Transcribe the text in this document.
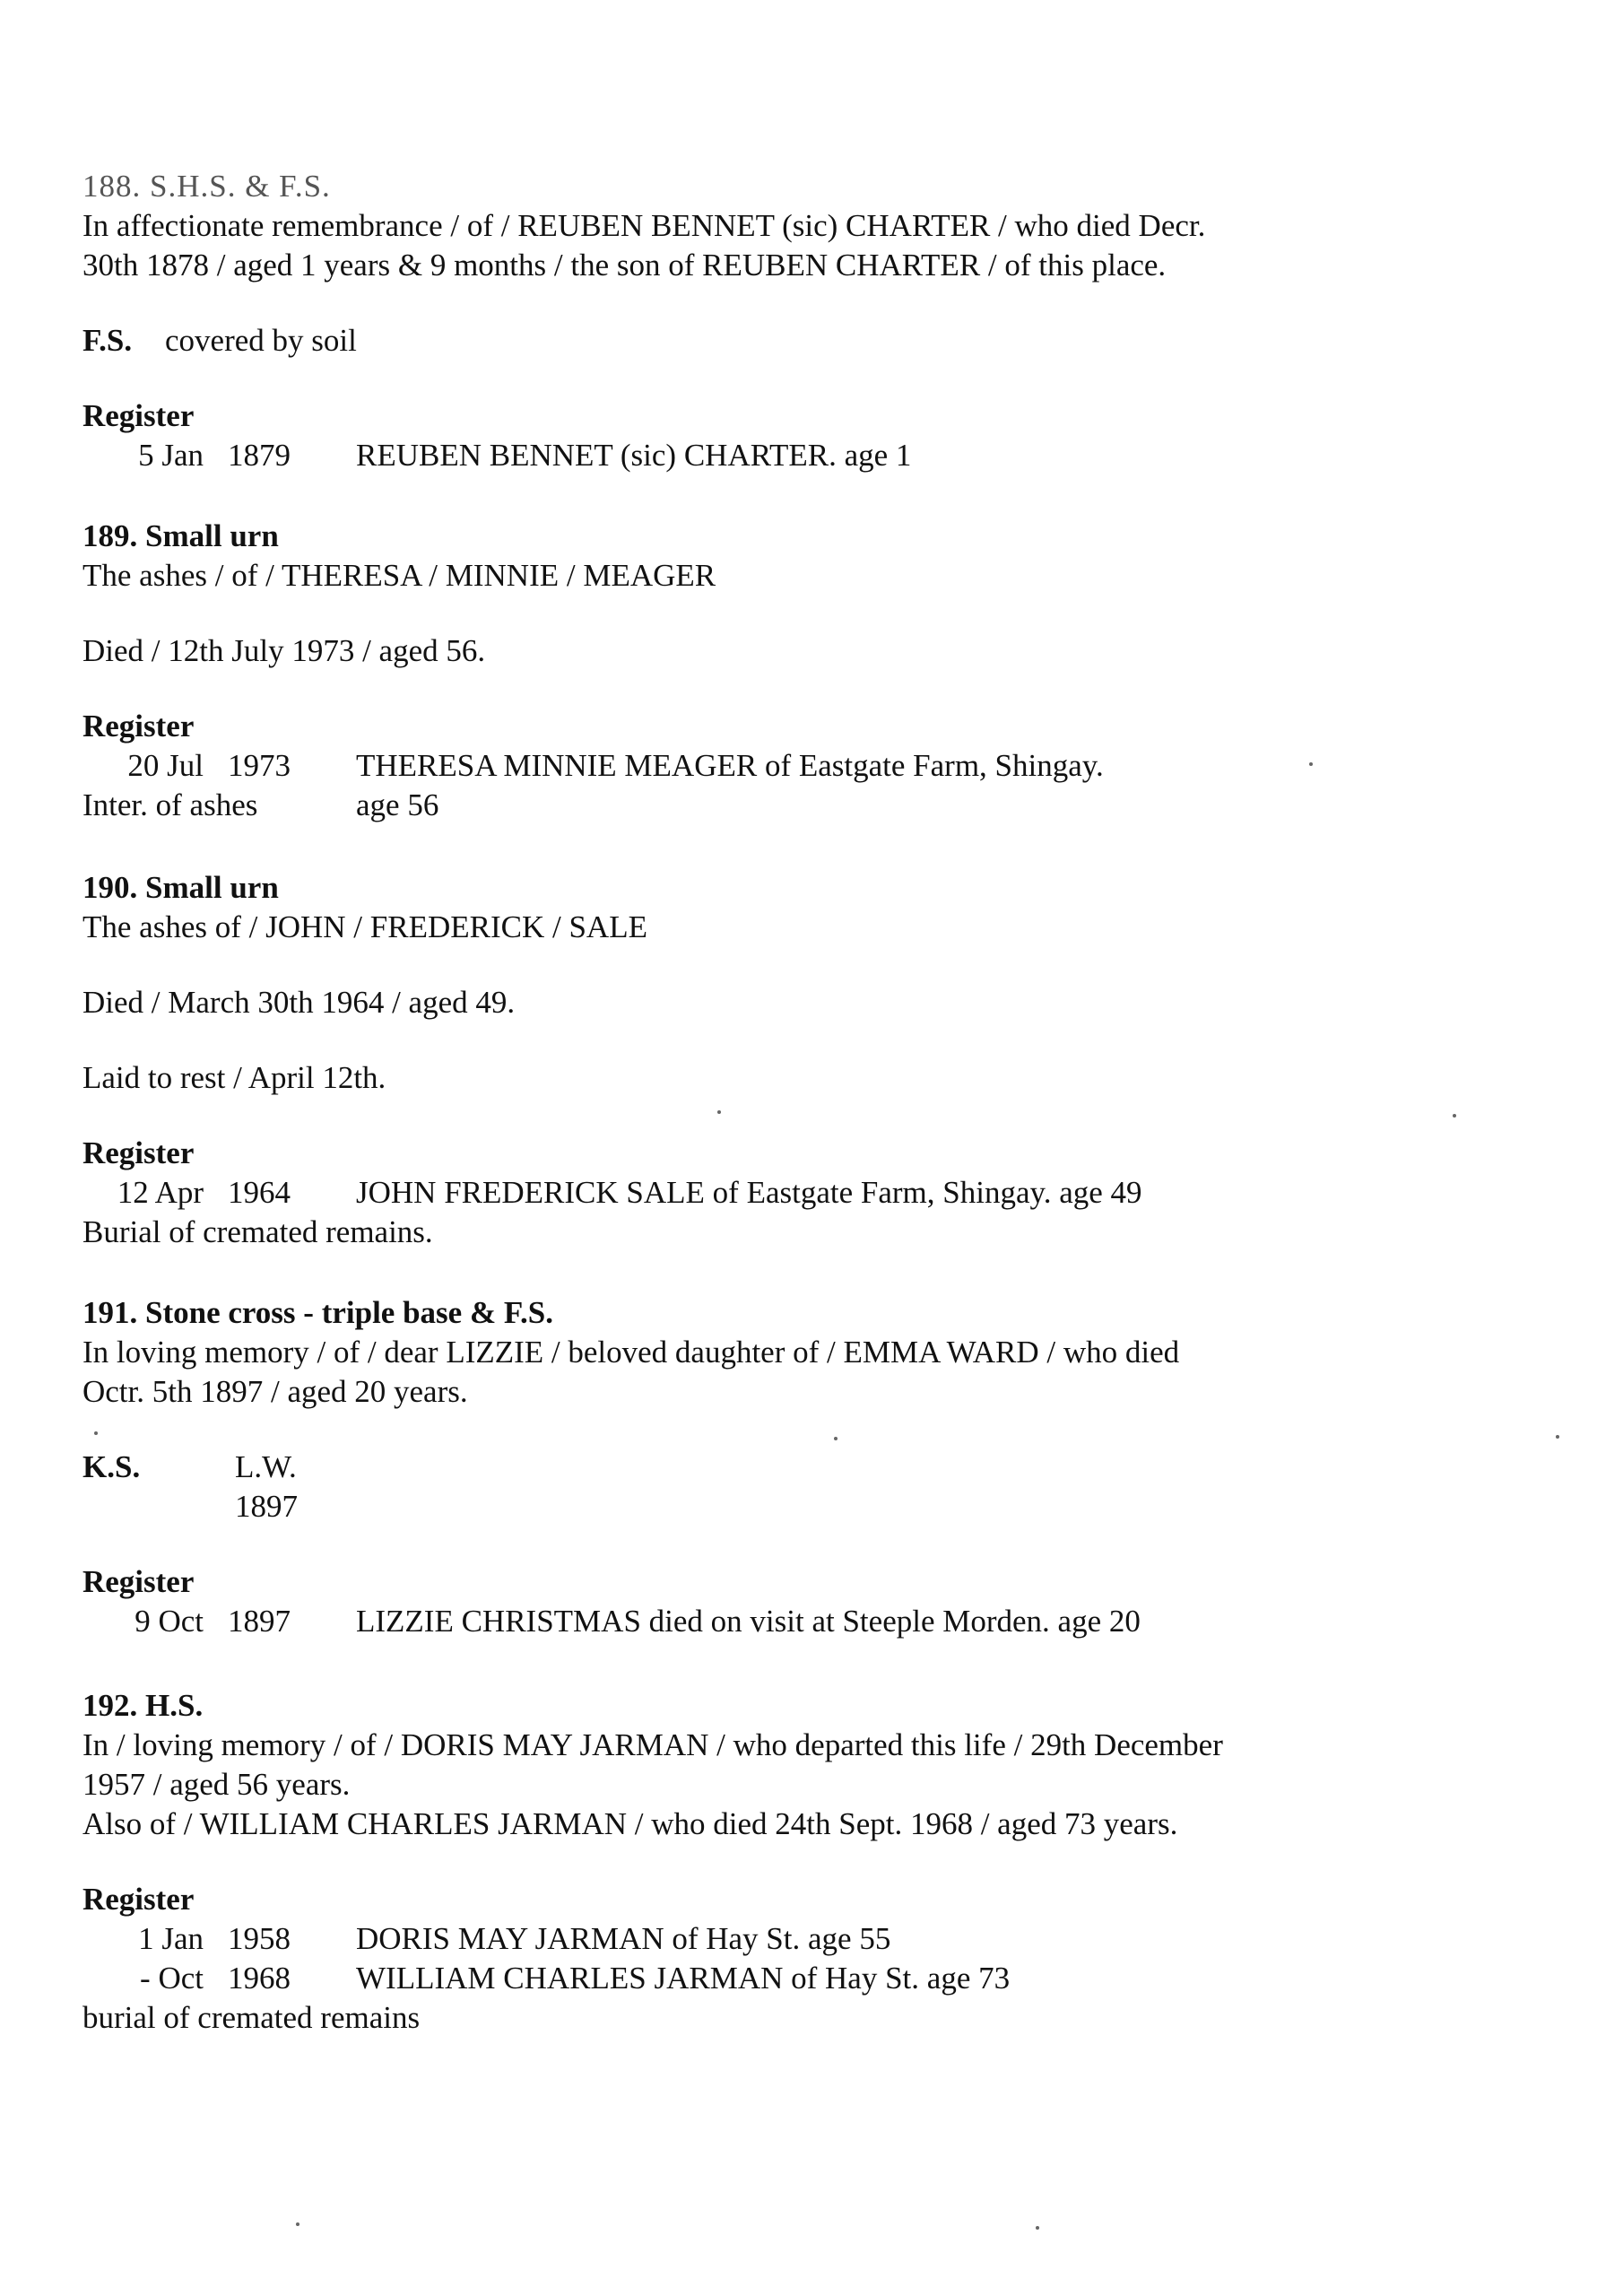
188. S.H.S. & F.S.
In affectionate remembrance / of / REUBEN BENNET (sic) CHARTER / who died Decr.
30th 1878 / aged 1 years & 9 months / the son of REUBEN CHARTER / of this place.
F.S. covered by soil
Register
5 Jan 1879 REUBEN BENNET (sic) CHARTER. age 1
189. Small urn
The ashes / of / THERESA / MINNIE / MEAGER
Died / 12th July 1973 / aged 56.
Register
20 Jul 1973 THERESA MINNIE MEAGER of Eastgate Farm, Shingay.
Inter. of ashes	age 56
190. Small urn
The ashes of / JOHN / FREDERICK / SALE
Died / March 30th 1964 / aged 49.
Laid to rest / April 12th.
Register
12 Apr 1964 JOHN FREDERICK SALE of Eastgate Farm, Shingay. age 49
Burial of cremated remains.
191. Stone cross - triple base & F.S.
In loving memory / of / dear LIZZIE / beloved daughter of / EMMA WARD / who died
Octr. 5th 1897 / aged 20 years.
K.S.	L.W.
1897
Register
9 Oct 1897 LIZZIE CHRISTMAS died on visit at Steeple Morden. age 20
192. H.S.
In / loving memory / of / DORIS MAY JARMAN / who departed this life / 29th December
1957 / aged 56 years.
Also of / WILLIAM CHARLES JARMAN / who died 24th Sept. 1968 / aged 73 years.
Register
1 Jan 1958 DORIS MAY JARMAN of Hay St. age 55
- Oct 1968 WILLIAM CHARLES JARMAN of Hay St. age 73
burial of cremated remains
